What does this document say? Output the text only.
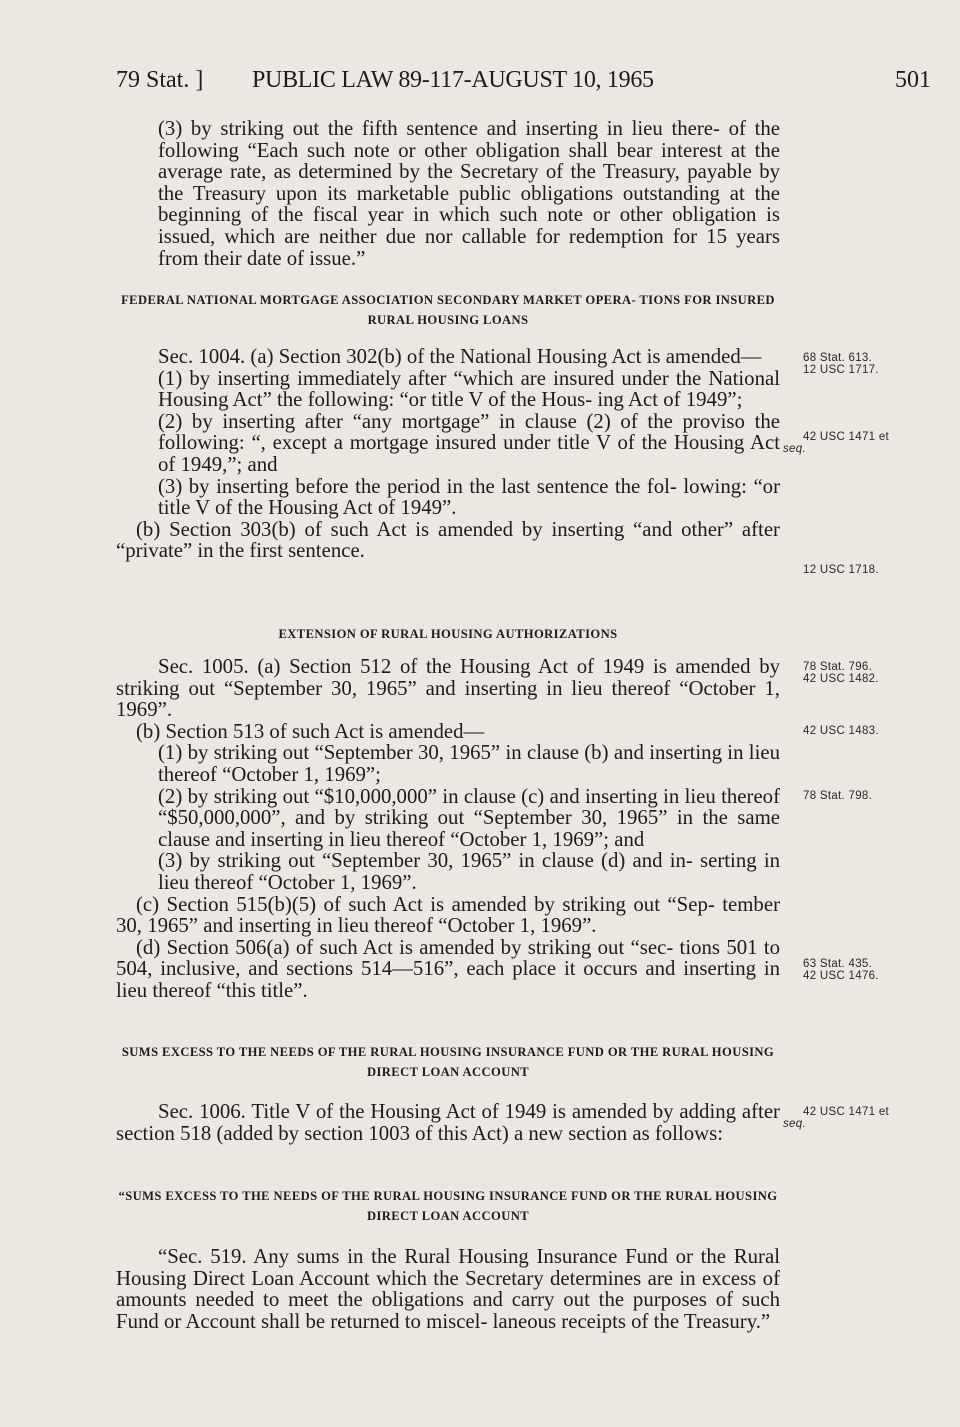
79 Stat. ] PUBLIC LAW 89-117-AUGUST 10, 1965	501

(3) by striking out the fifth sentence and inserting in lieu there- of the following “Each such note or other obligation shall bear interest at the average rate, as determined by the Secretary of the Treasury, payable by the Treasury upon its marketable public obligations outstanding at the beginning of the fiscal year in which such note or other obligation is issued, which are neither due nor callable for redemption for 15 years from their date of issue.”

FEDERAL NATIONAL MORTGAGE ASSOCIATION SECONDARY MARKET OPERA- TIONS FOR INSURED RURAL HOUSING LOANS

Sec. 1004. (a) Section 302(b) of the National Housing Act is amended—

(1) by inserting immediately after “which are insured under the National Housing Act” the following: “or title V of the Hous- ing Act of 1949”;

(2) by inserting after “any mortgage” in clause (2) of the proviso the following: “, except a mortgage insured under title V of the Housing Act of 1949,”; and

(3) by inserting before the period in the last sentence the fol- lowing: “or title V of the Housing Act of 1949”.

(b) Section 303(b) of such Act is amended by inserting “and other” after “private” in the first sentence.

EXTENSION OF RURAL HOUSING AUTHORIZATIONS

Sec. 1005. (a) Section 512 of the Housing Act of 1949 is amended by striking out “September 30, 1965” and inserting in lieu thereof “October 1, 1969”.

(b) Section 513 of such Act is amended—

(1) by striking out “September 30, 1965” in clause (b) and inserting in lieu thereof “October 1, 1969”;

(2) by striking out “$10,000,000” in clause (c) and inserting in lieu thereof “$50,000,000”, and by striking out “September 30, 1965” in the same clause and inserting in lieu thereof “October 1, 1969”; and

(3) by striking out “September 30, 1965” in clause (d) and in- serting in lieu thereof “October 1, 1969”.

(c) Section 515(b)(5) of such Act is amended by striking out “Sep- tember 30, 1965” and inserting in lieu thereof “October 1, 1969”.

(d) Section 506(a) of such Act is amended by striking out “sec- tions 501 to 504, inclusive, and sections 514—516”, each place it occurs and inserting in lieu thereof “this title”.

SUMS EXCESS TO THE NEEDS OF THE RURAL HOUSING INSURANCE FUND OR THE RURAL HOUSING DIRECT LOAN ACCOUNT

Sec. 1006. Title V of the Housing Act of 1949 is amended by adding after section 518 (added by section 1003 of this Act) a new section as follows:

“SUMS EXCESS TO THE NEEDS OF THE RURAL HOUSING INSURANCE FUND OR THE RURAL HOUSING DIRECT LOAN ACCOUNT

“Sec. 519. Any sums in the Rural Housing Insurance Fund or the Rural Housing Direct Loan Account which the Secretary determines are in excess of amounts needed to meet the obligations and carry out the purposes of such Fund or Account shall be returned to miscel- laneous receipts of the Treasury.”

68 Stat. 613.
12 USC 1717.
42 USC 1471 et
seq.
12 USC 1718.
78 Stat. 796.
42 USC 1482.
42 USC 1483.
78 Stat. 798.
63 Stat. 435.
42 USC 1476.
42 USC 1471 et
seq.
